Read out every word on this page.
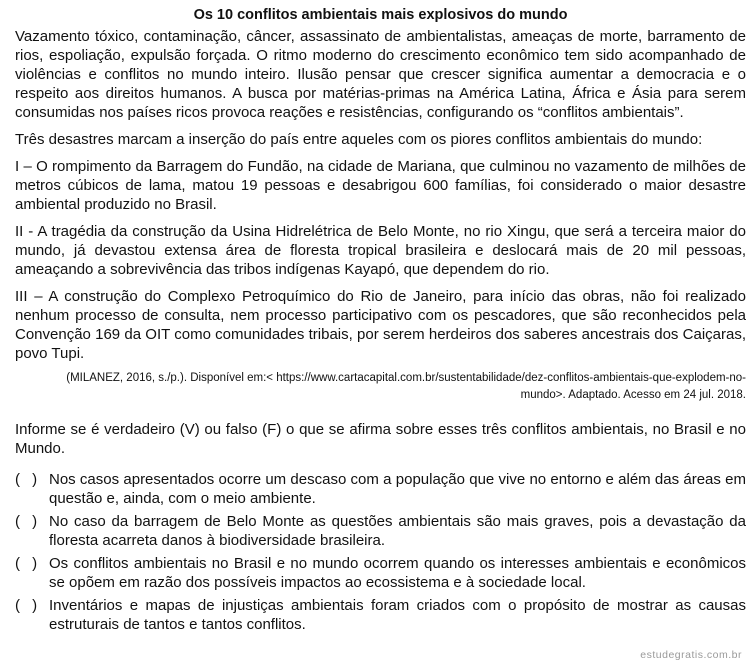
Os 10 conflitos ambientais mais explosivos do mundo

Vazamento tóxico, contaminação, câncer, assassinato de ambientalistas, ameaças de morte, barramento de rios, espoliação, expulsão forçada. O ritmo moderno do crescimento econômico tem sido acompanhado de violências e conflitos no mundo inteiro. Ilusão pensar que crescer significa aumentar a democracia e o respeito aos direitos humanos. A busca por matérias-primas na América Latina, África e Ásia para serem consumidas nos países ricos provoca reações e resistências, configurando os “conflitos ambientais”.

Três desastres marcam a inserção do país entre aqueles com os piores conflitos ambientais do mundo:

I – O rompimento da Barragem do Fundão, na cidade de Mariana, que culminou no vazamento de milhões de metros cúbicos de lama, matou 19 pessoas e desabrigou 600 famílias, foi considerado o maior desastre ambiental produzido no Brasil.

II - A tragédia da construção da Usina Hidrelétrica de Belo Monte, no rio Xingu, que será a terceira maior do mundo, já devastou extensa área de floresta tropical brasileira e deslocará mais de 20 mil pessoas, ameaçando a sobrevivência das tribos indígenas Kayapó, que dependem do rio.

III – A construção do Complexo Petroquímico do Rio de Janeiro, para início das obras, não foi realizado nenhum processo de consulta, nem processo participativo com os pescadores, que são reconhecidos pela Convenção 169 da OIT como comunidades tribais, por serem herdeiros dos saberes ancestrais dos Caiçaras, povo Tupi.

(MILANEZ, 2016, s./p.). Disponível em:< https://www.cartacapital.com.br/sustentabilidade/dez-conflitos-ambientais-que-explodem-no-mundo>. Adaptado. Acesso em 24 jul. 2018.

Informe se é verdadeiro (V) ou falso (F) o que se afirma sobre esses três conflitos ambientais, no Brasil e no Mundo.

( ) Nos casos apresentados ocorre um descaso com a população que vive no entorno e além das áreas em questão e, ainda, com o meio ambiente.
( ) No caso da barragem de Belo Monte as questões ambientais são mais graves, pois a devastação da floresta acarreta danos à biodiversidade brasileira.
( ) Os conflitos ambientais no Brasil e no mundo ocorrem quando os interesses ambientais e econômicos se opõem em razão dos possíveis impactos ao ecossistema e à sociedade local.
( ) Inventários e mapas de injustiças ambientais foram criados com o propósito de mostrar as causas estruturais de tantos e tantos conflitos.
estudegratis.com.br
